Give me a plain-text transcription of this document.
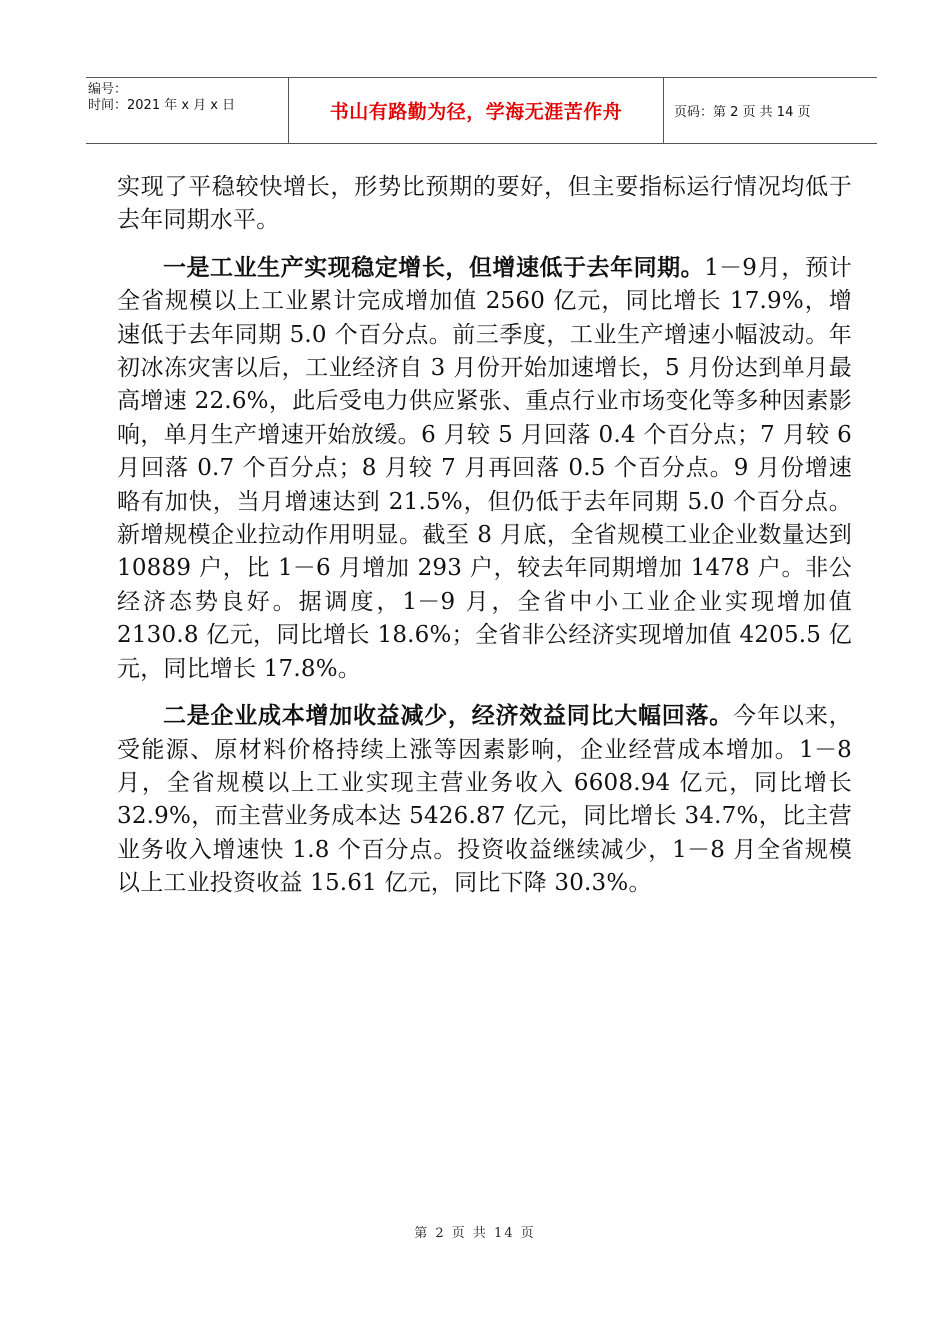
编号：
时间：2021 年 x 月 x 日	书山有路勤为径，学海无涯苦作舟	页码：第 2 页 共 14 页

实现了平稳较快增长，形势比预期的要好，但主要指标运行情况均低于去年同期水平。

一是工业生产实现稳定增长，但增速低于去年同期。1－9月，预计全省规模以上工业累计完成增加值 2560 亿元，同比增长 17.9%，增速低于去年同期 5.0 个百分点。前三季度，工业生产增速小幅波动。年初冰冻灾害以后，工业经济自 3 月份开始加速增长，5 月份达到单月最高增速 22.6%，此后受电力供应紧张、重点行业市场变化等多种因素影响，单月生产增速开始放缓。6 月较 5 月回落 0.4 个百分点；7 月较 6 月回落 0.7 个百分点；8 月较 7 月再回落 0.5 个百分点。9 月份增速略有加快，当月增速达到 21.5%，但仍低于去年同期 5.0 个百分点。新增规模企业拉动作用明显。截至 8 月底，全省规模工业企业数量达到 10889 户，比 1－6 月增加 293 户，较去年同期增加 1478 户。非公经济态势良好。据调度，1－9 月，全省中小工业企业实现增加值 2130.8 亿元，同比增长 18.6%；全省非公经济实现增加值 4205.5 亿元，同比增长 17.8%。

二是企业成本增加收益减少，经济效益同比大幅回落。今年以来，受能源、原材料价格持续上涨等因素影响，企业经营成本增加。1－8 月，全省规模以上工业实现主营业务收入 6608.94 亿元，同比增长 32.9%，而主营业务成本达 5426.87 亿元，同比增长 34.7%，比主营业务收入增速快 1.8 个百分点。投资收益继续减少，1－8 月全省规模以上工业投资收益 15.61 亿元，同比下降 30.3%。

第 2 页 共 14 页
